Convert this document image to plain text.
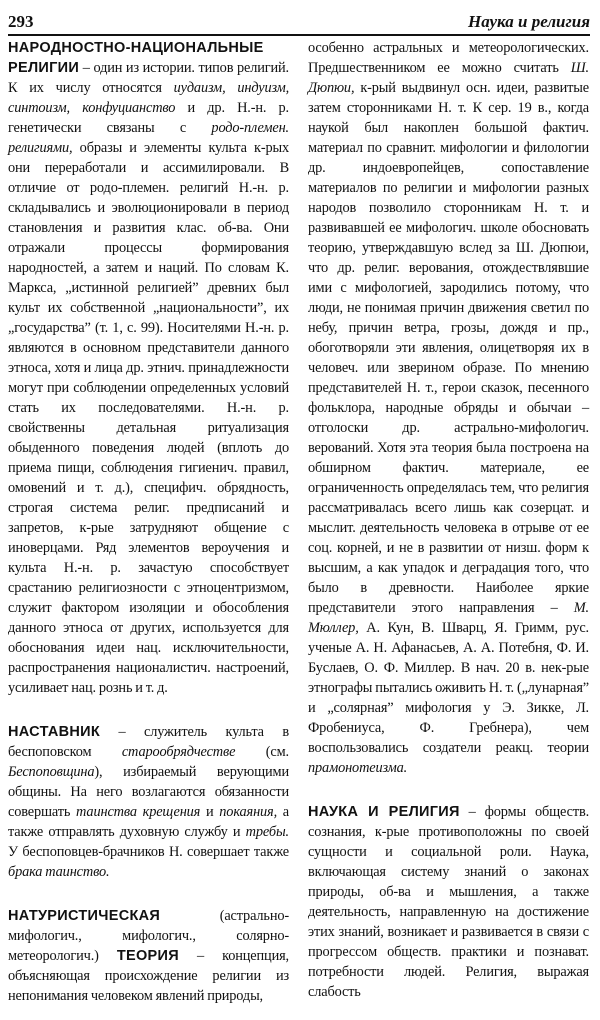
293	Наука и религия

НАРОДНОСТНО-НАЦИОНАЛЬНЫЕ РЕЛИГИИ – один из истории. типов религий. К их числу относятся иудаизм, индуизм, синтоизм, конфуцианство и др. Н.-н. р. генетически связаны с родо-племен. религиями, образы и элементы культа к-рых они переработали и ассимилировали. В отличие от родо-племен. религий Н.-н. р. складывались и эволюционировали в период становления и развития клас. об-ва. Они отражали процессы формирования народностей, а затем и наций. По словам К. Маркса, „истинной религией” древних был культ их собственной „национальности”, их „государства” (т. 1, с. 99). Носителями Н.-н. р. являются в основном представители данного этноса, хотя и лица др. этнич. принадлежности могут при соблюдении определенных условий стать их последователями. Н.-н. р. свойственны детальная ритуализация обыденного поведения людей (вплоть до приема пищи, соблюдения гигиенич. правил, омовений и т. д.), специфич. обрядность, строгая система религ. предписаний и запретов, к-рые затрудняют общение с иноверцами. Ряд элементов вероучения и культа Н.-н. р. зачастую способствует срастанию религиозности с этноцентризмом, служит фактором изоляции и обособления данного этноса от других, используется для обоснования идеи нац. исключительности, распространения националистич. настроений, усиливает нац. рознь и т. д.

НАСТАВНИК – служитель культа в беспоповском старообрядчестве (см. Беспоповщина), избираемый верующими общины. На него возлагаются обязанности совершать таинства крещения и покаяния, а также отправлять духовную службу и требы. У беспоповцев-брачников Н. совершает также брака таинство.

НАТУРИСТИЧЕСКАЯ (астрально-мифологич., мифологич., солярно-метеорологич.) ТЕОРИЯ – концепция, объясняющая происхождение религии из непонимания человеком явлений природы,

особенно астральных и метеорологических. Предшественником ее можно считать Ш. Дюпюи, к-рый выдвинул осн. идеи, развитые затем сторонниками Н. т. К сер. 19 в., когда наукой был накоплен большой фактич. материал по сравнит. мифологии и филологии др. индоевропейцев, сопоставление материалов по религии и мифологии разных народов позволило сторонникам Н. т. и развивавшей ее мифологич. школе обосновать теорию, утверждавшую вслед за Ш. Дюпюи, что др. религ. верования, отождествлявшие ими с мифологией, зародились потому, что люди, не понимая причин движения светил по небу, причин ветра, грозы, дождя и пр., обоготворяли эти явления, олицетворяя их в человеч. или зверином образе. По мнению представителей Н. т., герои сказок, песенного фольклора, народные обряды и обычаи – отголоски др. астрально-мифологич. верований. Хотя эта теория была построена на обширном фактич. материале, ее ограниченность определялась тем, что религия рассматривалась всего лишь как созерцат. и мыслит. деятельность человека в отрыве от ее соц. корней, и не в развитии от низш. форм к высшим, а как упадок и деградация того, что было в древности. Наиболее яркие представители этого направления – М. Мюллер, А. Кун, В. Шварц, Я. Гримм, рус. ученые А. Н. Афанасьев, А. А. Потебня, Ф. И. Буслаев, О. Ф. Миллер. В нач. 20 в. нек-рые этнографы пытались оживить Н. т. („лунарная” и „солярная” мифология у Э. Зикке, Л. Фробениуса, Ф. Гребнера), чем воспользовались создатели реакц. теории прамонотеизма.

НАУКА И РЕЛИГИЯ – формы обществ. сознания, к-рые противоположны по своей сущности и социальной роли. Наука, включающая систему знаний о законах природы, об-ва и мышления, а также деятельность, направленную на достижение этих знаний, возникает и развивается в связи с прогрессом обществ. практики и познават. потребности людей. Религия, выражая слабость
